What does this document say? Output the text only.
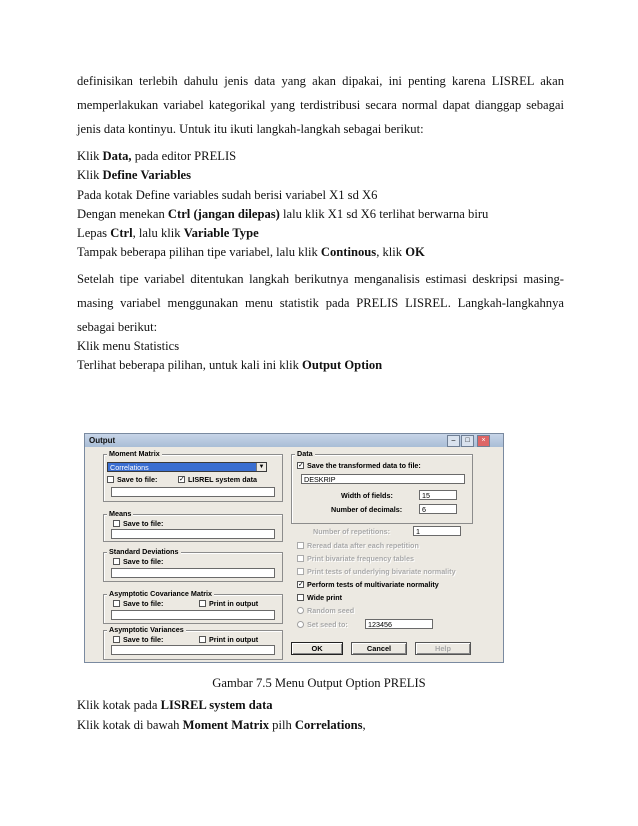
definisikan terlebih dahulu jenis data yang akan dipakai, ini penting karena LISREL akan
memperlakukan variabel kategorikal yang terdistribusi secara normal dapat dianggap sebagai
jenis data kontinyu. Untuk itu ikuti langkah-langkah sebagai berikut:
Klik Data, pada editor PRELIS
Klik Define Variables
Pada kotak Define variables sudah berisi variabel X1 sd X6
Dengan menekan Ctrl (jangan dilepas) lalu klik X1 sd X6 terlihat berwarna biru
Lepas Ctrl, lalu klik Variable Type
Tampak beberapa pilihan tipe variabel, lalu klik Continous, klik OK
Setelah tipe variabel ditentukan langkah berikutnya menganalisis estimasi deskripsi masing-
masing variabel menggunakan menu statistik pada PRELIS LISREL. Langkah-langkahnya
sebagai berikut:
Klik menu Statistics
Terlihat beberapa pilihan, untuk kali ini klik Output Option
Output	–	□	×
Moment Matrix
Correlations	▼
Save to file:	✓ LISREL system data
Means
Save to file:
Standard Deviations
Save to file:
Asymptotic Covariance Matrix
Save to file:	Print in output
Asymptotic Variances
Save to file:	Print in output
Data
✓ Save the transformed data to file:
DESKRIP
Width of fields:	15
Number of decimals:	6
Number of repetitions:	1
Reread data after each repetition
Print bivariate frequency tables
Print tests of underlying bivariate normality
✓ Perform tests of multivariate normality
Wide print
Random seed
Set seed to:	123456
OK	Cancel	Help
Gambar 7.5 Menu Output Option PRELIS
Klik kotak pada LISREL system data
Klik kotak di bawah Moment Matrix pilh Correlations,
